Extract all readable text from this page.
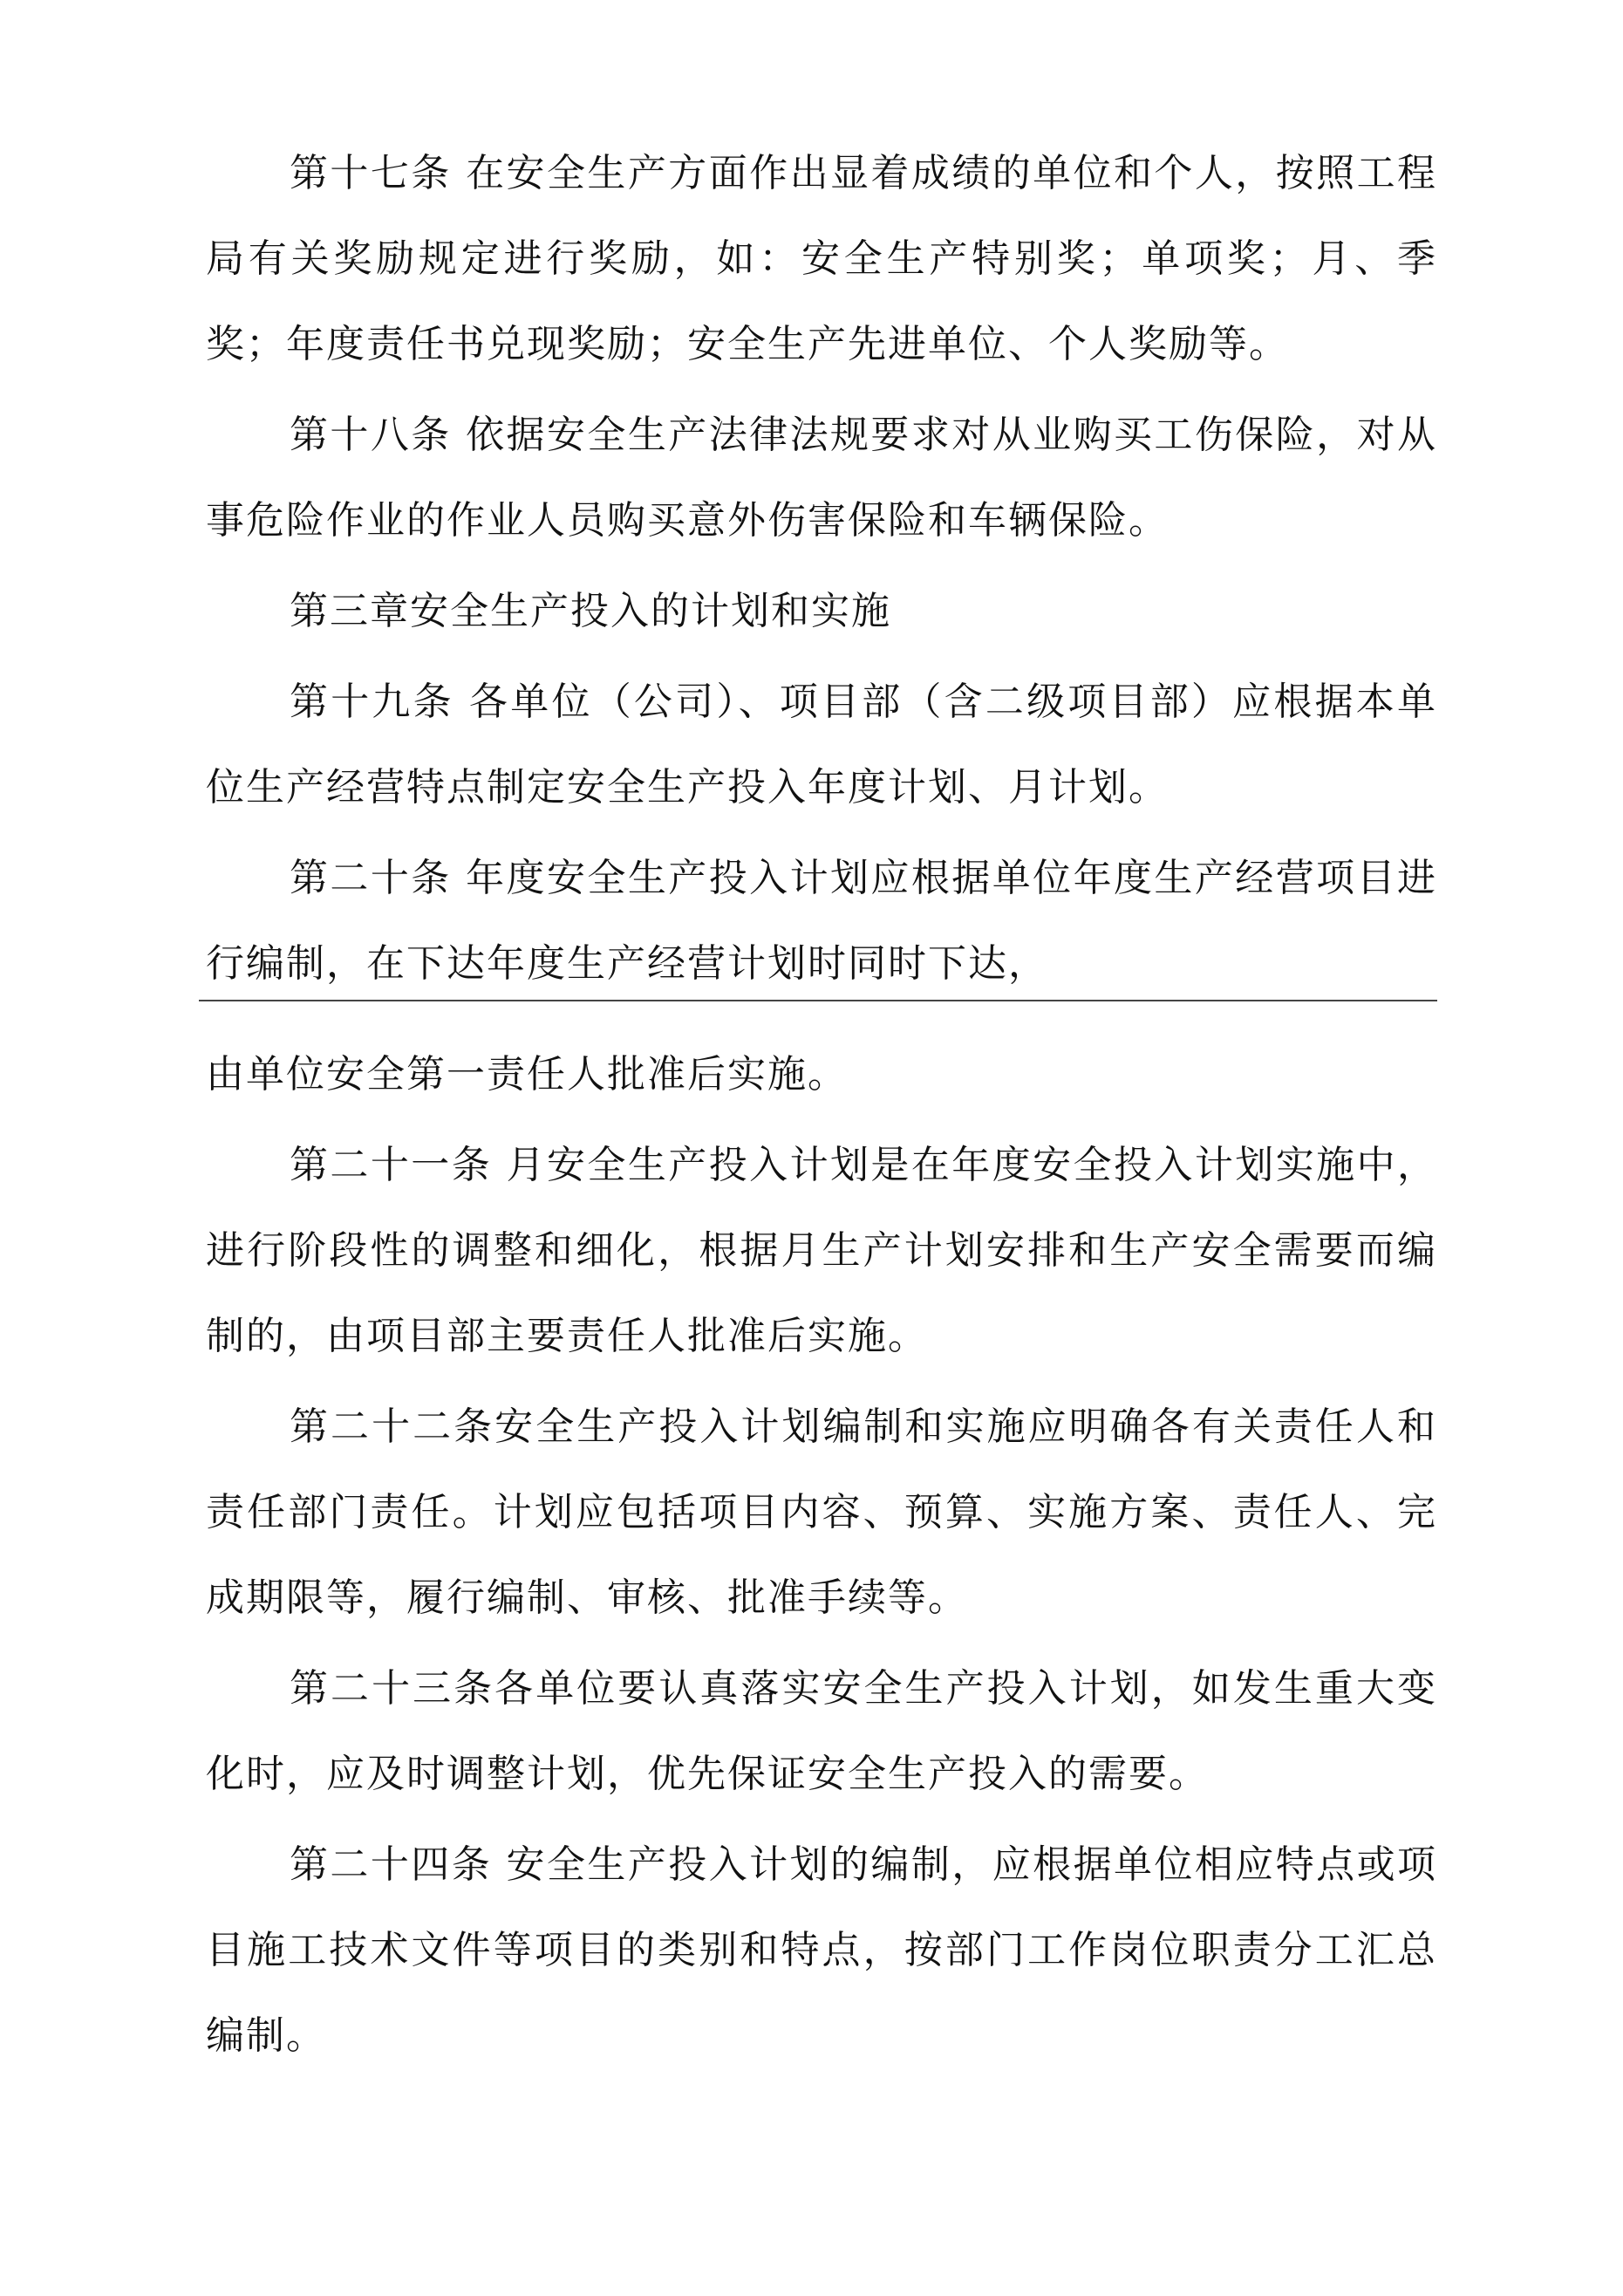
第十七条 在安全生产方面作出显着成绩的单位和个人，按照工程局有关奖励规定进行奖励，如：安全生产特别奖；单项奖；月、季奖；年度责任书兑现奖励；安全生产先进单位、个人奖励等。

第十八条 依据安全生产法律法规要求对从业购买工伤保险，对从事危险作业的作业人员购买意外伤害保险和车辆保险。

第三章安全生产投入的计划和实施

第十九条 各单位（公司）、项目部（含二级项目部）应根据本单位生产经营特点制定安全生产投入年度计划、月计划。

第二十条 年度安全生产投入计划应根据单位年度生产经营项目进行编制，在下达年度生产经营计划时同时下达，

由单位安全第一责任人批准后实施。

第二十一条 月安全生产投入计划是在年度安全投入计划实施中，进行阶段性的调整和细化，根据月生产计划安排和生产安全需要而编制的，由项目部主要责任人批准后实施。

第二十二条安全生产投入计划编制和实施应明确各有关责任人和责任部门责任。计划应包括项目内容、预算、实施方案、责任人、完成期限等，履行编制、审核、批准手续等。

第二十三条各单位要认真落实安全生产投入计划，如发生重大变化时，应及时调整计划，优先保证安全生产投入的需要。

第二十四条 安全生产投入计划的编制，应根据单位相应特点或项目施工技术文件等项目的类别和特点，按部门工作岗位职责分工汇总编制。
